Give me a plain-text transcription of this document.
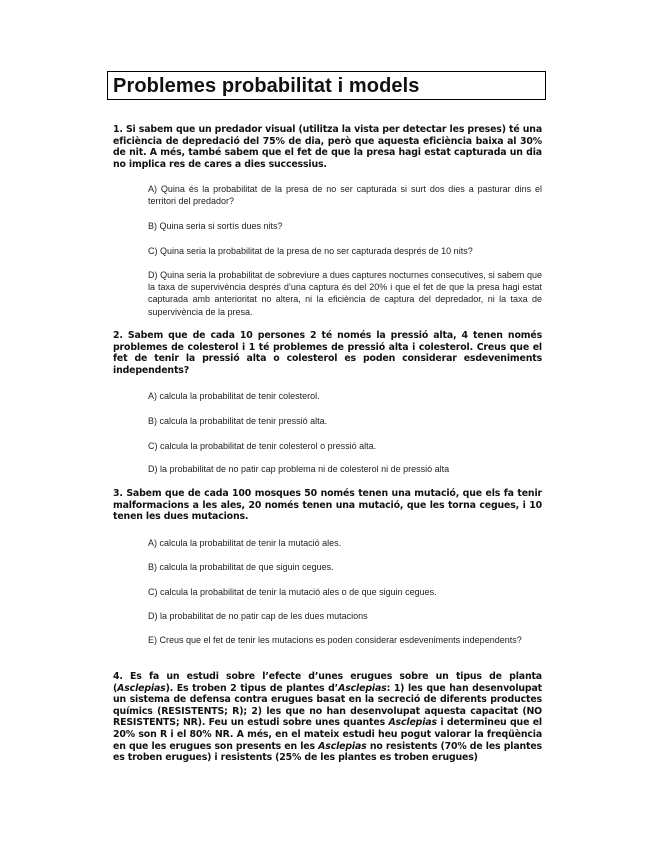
Problemes probabilitat i models
1. Si sabem que un predador visual (utilitza la vista per detectar les preses) té una eficiència de depredació del 75% de dia, però que aquesta eficiència baixa al 30% de nit. A més, també sabem que el fet de que la presa hagi estat capturada un dia no implica res de cares a dies successius.
A) Quina és la probabilitat de la presa de no ser capturada si surt dos dies a pasturar dins el territori del predador?
B) Quina seria si sortís dues nits?
C) Quina seria la probabilitat de la presa de no ser capturada després de 10 nits?
D) Quina seria la probabilitat de sobreviure a dues captures nocturnes consecutives, si sabem que la taxa de supervivència després d’una captura és del 20% i que el fet de que la presa hagi estat capturada amb anterioritat no altera, ni la eficiència de captura del depredador, ni la taxa de supervivència de la presa.
2. Sabem que de cada 10 persones 2 té només la pressió alta, 4 tenen només problemes de colesterol i 1 té problemes de pressió alta i colesterol. Creus que el fet de tenir la pressió alta o colesterol es poden considerar esdeveniments independents?
A) calcula la probabilitat de tenir colesterol.
B) calcula la probabilitat de tenir pressió alta.
C) calcula la probabilitat de tenir colesterol o pressió alta.
D) la probabilitat de no patir cap problema ni de colesterol ni de pressió alta
3. Sabem que de cada 100 mosques 50 només tenen una mutació, que els fa tenir malformacions a les ales, 20 només tenen una mutació, que les torna cegues, i 10 tenen les dues mutacions.
A) calcula la probabilitat de tenir la mutació ales.
B) calcula la probabilitat de que siguin cegues.
C) calcula la probabilitat de tenir la mutació ales o de que siguin cegues.
D) la probabilitat de no patir cap de les dues mutacions
E) Creus que el fet de tenir les mutacions es poden considerar esdeveniments independents?
4. Es fa un estudi sobre l’efecte d’unes erugues sobre un tipus de planta (Asclepias). Es troben 2 tipus de plantes d’Asclepias: 1) les que han desenvolupat un sistema de defensa contra erugues basat en la secreció de diferents productes químics (RESISTENTS; R); 2) les que no han desenvolupat aquesta capacitat (NO RESISTENTS; NR). Feu un estudi sobre unes quantes Asclepias i determineu que el 20% son R i el 80% NR. A més, en el mateix estudi heu pogut valorar la freqüència en que les erugues son presents en les Asclepias no resistents (70% de les plantes es troben erugues) i resistents (25% de les plantes es troben erugues)
